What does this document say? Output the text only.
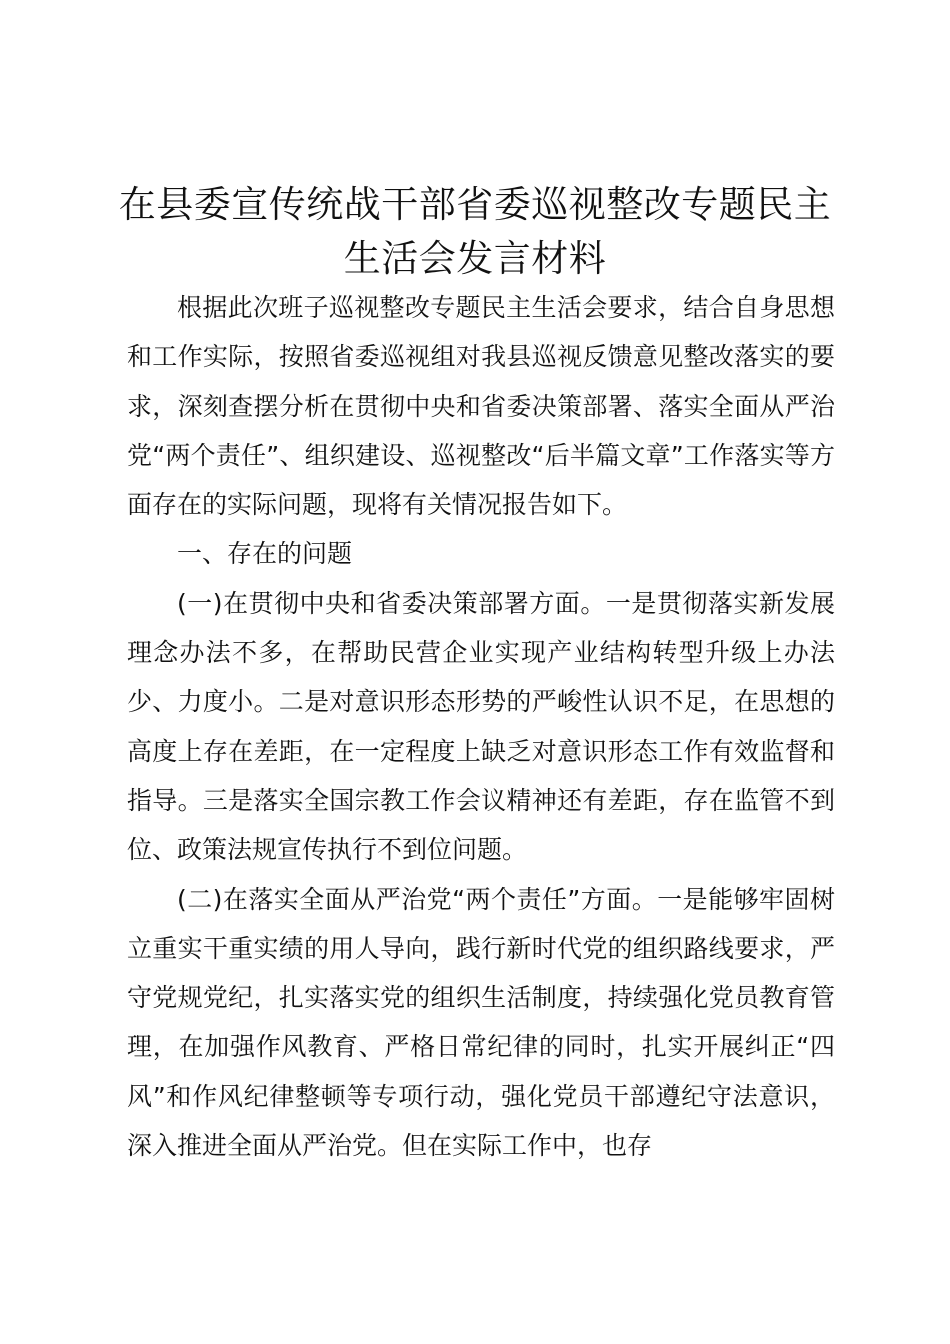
在县委宣传统战干部省委巡视整改专题民主生活会发言材料

根据此次班子巡视整改专题民主生活会要求，结合自身思想和工作实际，按照省委巡视组对我县巡视反馈意见整改落实的要求，深刻查摆分析在贯彻中央和省委决策部署、落实全面从严治党“两个责任”、组织建设、巡视整改“后半篇文章”工作落实等方面存在的实际问题，现将有关情况报告如下。

一、存在的问题

(一)在贯彻中央和省委决策部署方面。一是贯彻落实新发展理念办法不多，在帮助民营企业实现产业结构转型升级上办法少、力度小。二是对意识形态形势的严峻性认识不足，在思想的高度上存在差距，在一定程度上缺乏对意识形态工作有效监督和指导。三是落实全国宗教工作会议精神还有差距，存在监管不到位、政策法规宣传执行不到位问题。

(二)在落实全面从严治党“两个责任”方面。一是能够牢固树立重实干重实绩的用人导向，践行新时代党的组织路线要求，严守党规党纪，扎实落实党的组织生活制度，持续强化党员教育管理，在加强作风教育、严格日常纪律的同时，扎实开展纠正“四风”和作风纪律整顿等专项行动，强化党员干部遵纪守法意识，深入推进全面从严治党。但在实际工作中，也存
